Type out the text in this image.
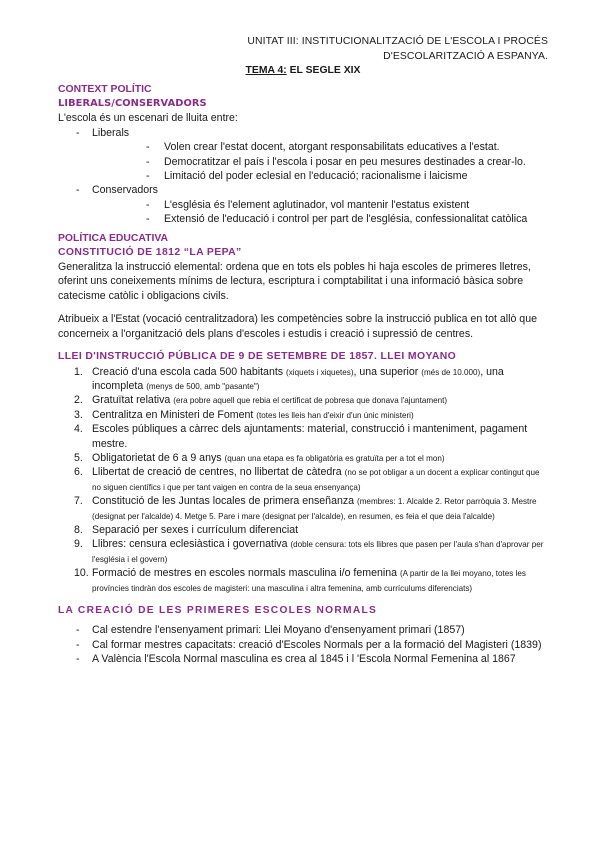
UNITAT III: INSTITUCIONALITZACIÓ DE L'ESCOLA I PROCÉS
D'ESCOLARITZACIÓ A ESPANYA.
TEMA 4: EL SEGLE XIX
CONTEXT POLÍTIC
LIBERALS/CONSERVADORS

L'escola és un escenari de lluita entre:

- Liberals
- Volen crear l'estat docent, atorgant responsabilitats educatives a l'estat.
- Democratitzar el país i l'escola i posar en peu mesures destinades a crear-lo.
- Limitació del poder eclesial en l'educació; racionalisme i laicisme
- Conservadors
- L'església és l'element aglutinador, vol mantenir l'estatus existent
- Extensió de l'educació i control per part de l'església, confessionalitat catòlica
POLÍTICA EDUCATIVA
CONSTITUCIÓ DE 1812 “LA PEPA”

Generalitza la instrucció elemental: ordena que en tots els pobles hi haja escoles de primeres lletres, oferint uns coneixements mínims de lectura, escriptura i comptabilitat i una informació bàsica sobre catecisme catòlic i obligacions civils.

Atribueix a l'Estat (vocació centralitzadora) les competències sobre la instrucció publica en tot allò que concerneix a l'organització dels plans d'escoles i estudis i creació i supressió de centres.

LLEI D'INSTRUCCIÓ PÚBLICA DE 9 DE SETEMBRE DE 1857. LLEI MOYANO
1. Creació d'una escola cada 500 habitants (xiquets i xiquetes), una superior (més de 10.000), una incompleta (menys de 500, amb "pasante")
2. Gratuïtat relativa (era pobre aquell que rebia el certificat de pobresa que donava l'ajuntament)
3. Centralitza en Ministeri de Foment (totes les lleis han d'eixir d'un únic ministeri)
4. Escoles públiques a càrrec dels ajuntaments: material, construcció i manteniment, pagament mestre.
5. Obligatorietat de 6 a 9 anys (quan una etapa es fa obligatòria es gratuïta per a tot el mon)
6. Llibertat de creació de centres, no llibertat de càtedra (no se pot obligar a un docent a explicar contingut que no siguen científics i que per tant vaigen en contra de la seua ensenyança)
7. Constitució de les Juntas locales de primera enseñanza (membres: 1. Alcalde 2. Retor parròquia 3. Mestre (designat per l'alcalde) 4. Metge 5. Pare i mare (designat per l'alcalde), en resumen, es feia el que deia l'alcalde)
8. Separació per sexes i currículum diferenciat
9. Llibres: censura eclesiàstica i governativa (doble censura: tots els llibres que pasen per l'aula s'han d'aprovar per l'església i el govern)
10. Formació de mestres en escoles normals masculina i/o femenina (A partir de la llei moyano, totes les províncies tindràn dos escoles de magisteri: una masculina i altra femenina, amb currículums diferenciats)
LA CREACIÓ DE LES PRIMERES ESCOLES NORMALS
- Cal estendre l'ensenyament primari: Llei Moyano d'ensenyament primari (1857)
- Cal formar mestres capacitats: creació d'Escoles Normals per a la formació del Magisteri (1839)
- A València l'Escola Normal masculina es crea al 1845 i l 'Escola Normal Femenina al 1867
